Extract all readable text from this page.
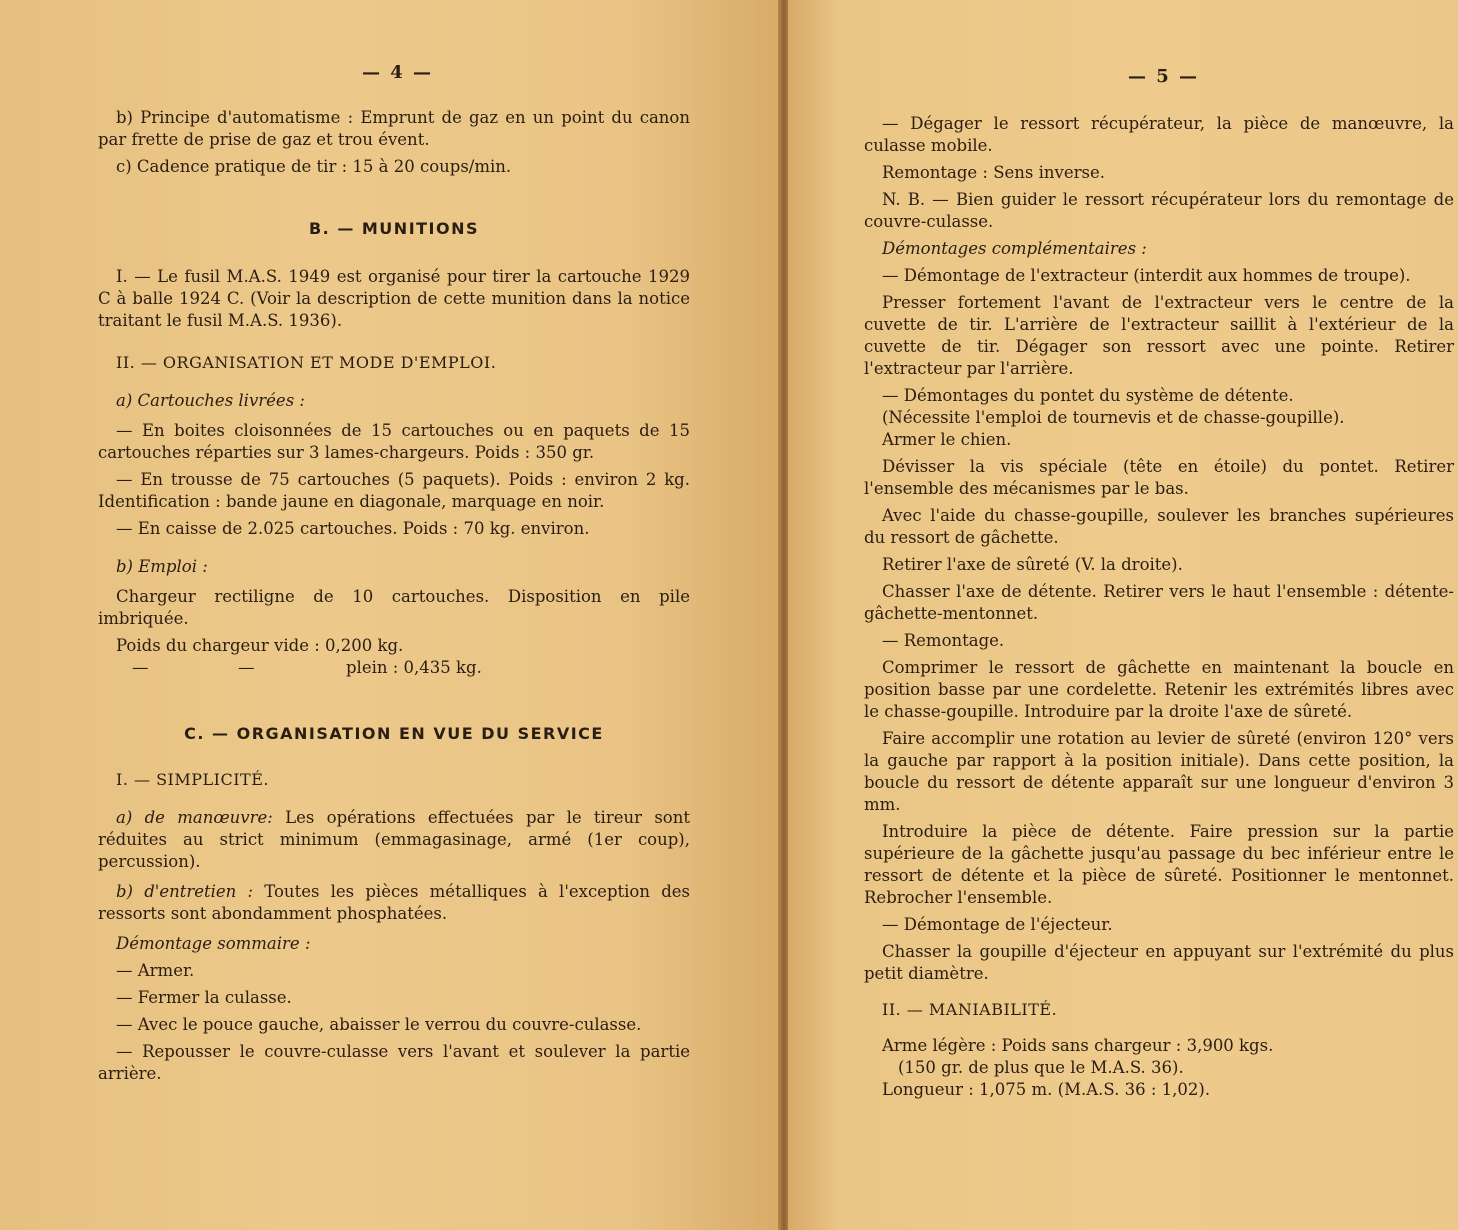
— 4 —

b) Principe d'automatisme : Emprunt de gaz en un point du canon par frette de prise de gaz et trou évent.

c) Cadence pratique de tir : 15 à 20 coups/min.

B. — MUNITIONS

I. — Le fusil M.A.S. 1949 est organisé pour tirer la cartouche 1929 C à balle 1924 C. (Voir la description de cette munition dans la notice traitant le fusil M.A.S. 1936).

II. — ORGANISATION ET MODE D'EMPLOI.

a) Cartouches livrées :

— En boites cloisonnées de 15 cartouches ou en paquets de 15 cartouches réparties sur 3 lames-chargeurs. Poids : 350 gr.

— En trousse de 75 cartouches (5 paquets). Poids : environ 2 kg. Identification : bande jaune en diagonale, marquage en noir.

— En caisse de 2.025 cartouches. Poids : 70 kg. environ.

b) Emploi :

Chargeur rectiligne de 10 cartouches. Disposition en pile imbriquée.

Poids du chargeur vide : 0,200 kg.

—	—	plein : 0,435 kg.

C. — ORGANISATION EN VUE DU SERVICE

I. — SIMPLICITÉ.

a) de manœuvre: Les opérations effectuées par le tireur sont réduites au strict minimum (emmagasinage, armé (1er coup), percussion).

b) d'entretien : Toutes les pièces métalliques à l'exception des ressorts sont abondamment phosphatées.

Démontage sommaire :

— Armer.

— Fermer la culasse.

— Avec le pouce gauche, abaisser le verrou du couvre-culasse.

— Repousser le couvre-culasse vers l'avant et soulever la partie arrière.

— 5 —

— Dégager le ressort récupérateur, la pièce de manœuvre, la culasse mobile.

Remontage : Sens inverse.

N. B. — Bien guider le ressort récupérateur lors du remontage de couvre-culasse.

Démontages complémentaires :

— Démontage de l'extracteur (interdit aux hommes de troupe).

Presser fortement l'avant de l'extracteur vers le centre de la cuvette de tir. L'arrière de l'extracteur saillit à l'extérieur de la cuvette de tir. Dégager son ressort avec une pointe. Retirer l'extracteur par l'arrière.

— Démontages du pontet du système de détente.

(Nécessite l'emploi de tournevis et de chasse-goupille).

Armer le chien.

Dévisser la vis spéciale (tête en étoile) du pontet. Retirer l'ensemble des mécanismes par le bas.

Avec l'aide du chasse-goupille, soulever les branches supérieures du ressort de gâchette.

Retirer l'axe de sûreté (V. la droite).

Chasser l'axe de détente. Retirer vers le haut l'ensemble : détente-gâchette-mentonnet.

— Remontage.

Comprimer le ressort de gâchette en maintenant la boucle en position basse par une cordelette. Retenir les extrémités libres avec le chasse-goupille. Introduire par la droite l'axe de sûreté.

Faire accomplir une rotation au levier de sûreté (environ 120° vers la gauche par rapport à la position initiale). Dans cette position, la boucle du ressort de détente apparaît sur une longueur d'environ 3 mm.

Introduire la pièce de détente. Faire pression sur la partie supérieure de la gâchette jusqu'au passage du bec inférieur entre le ressort de détente et la pièce de sûreté. Positionner le mentonnet. Rebrocher l'ensemble.

— Démontage de l'éjecteur.

Chasser la goupille d'éjecteur en appuyant sur l'extrémité du plus petit diamètre.

II. — MANIABILITÉ.

Arme légère : Poids sans chargeur : 3,900 kgs.

(150 gr. de plus que le M.A.S. 36).

Longueur : 1,075 m. (M.A.S. 36 : 1,02).
